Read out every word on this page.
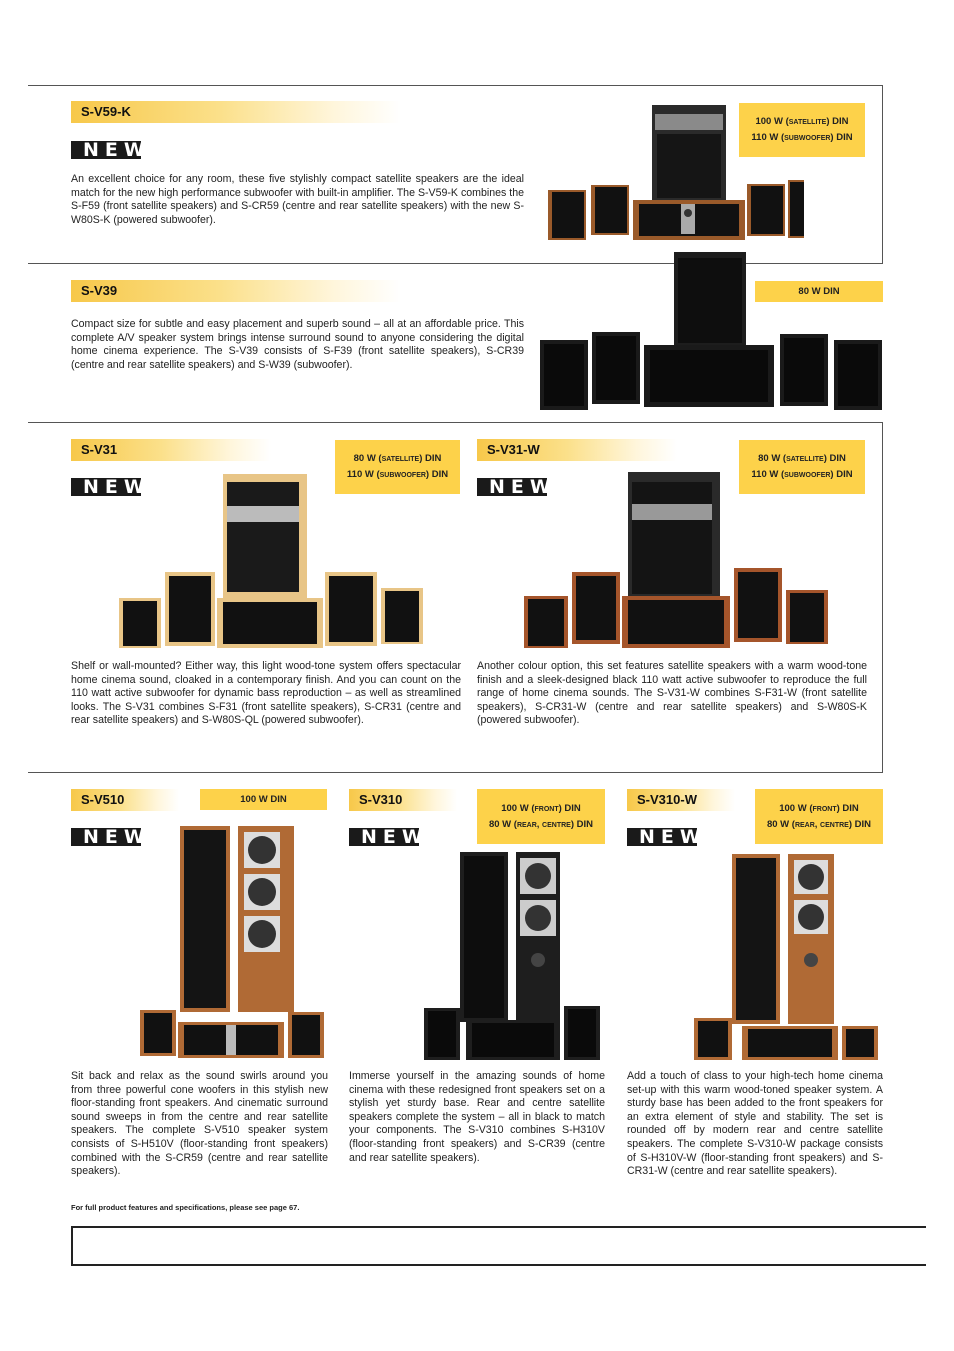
S-V59-K
NEW
An excellent choice for any room, these five stylishly compact satellite speakers are the ideal match for the new high performance subwoofer with built-in amplifier. The S-V59-K combines the S-F59 (front satellite speakers) and S-CR59 (centre and rear satellite speakers) with the new S-W80S-K (powered subwoofer).
100 W (satellite) DIN
110 W (subwoofer) DIN
S-V39
Compact size for subtle and easy placement and superb sound – all at an affordable price. This complete A/V speaker system brings intense surround sound to anyone considering the digital home cinema experience. The S-V39 consists of S-F39 (front satellite speakers), S-CR39 (centre and rear satellite speakers) and S-W39 (subwoofer).
80 W DIN
S-V31
NEW
80 W (satellite) DIN
110 W (subwoofer) DIN
Shelf or wall-mounted? Either way, this light wood-tone system offers spectacular home cinema sound, cloaked in a contemporary finish. And you can count on the 110 watt active subwoofer for dynamic bass reproduction – as well as streamlined looks. The S-V31 combines S-F31 (front satellite speakers), S-CR31 (centre and rear satellite speakers) and S-W80S-QL (powered subwoofer).
S-V31-W
NEW
80 W (satellite) DIN
110 W (subwoofer) DIN
Another colour option, this set features satellite speakers with a warm wood-tone finish and a sleek-designed black 110 watt active subwoofer to reproduce the full range of home cinema sounds. The S-V31-W combines S-F31-W (front satellite speakers), S-CR31-W (centre and rear satellite speakers) and S-W80S-K (powered subwoofer).
S-V510	100 W DIN
NEW
Sit back and relax as the sound swirls around you from three powerful cone woofers in this stylish new floor-standing front speakers. And cinematic surround sound sweeps in from the centre and rear satellite speakers. The complete S-V510 speaker system consists of S-H510V (floor-standing front speakers) combined with the S-CR59 (centre and rear satellite speakers).
S-V310
100 W (front) DIN
80 W (rear, centre) DIN
NEW
Immerse yourself in the amazing sounds of home cinema with these redesigned front speakers set on a stylish yet sturdy base. Rear and centre satellite speakers complete the system – all in black to match your components. The S-V310 combines S-H310V (floor-standing front speakers) and S-CR39 (centre and rear satellite speakers).
S-V310-W
100 W (front) DIN
80 W (rear, centre) DIN
NEW
Add a touch of class to your high-tech home cinema set-up with this warm wood-toned speaker system. A sturdy base has been added to the front speakers for an extra element of style and stability. The set is rounded off by modern rear and centre satellite speakers. The complete S-V310-W package consists of S-H310V-W (floor-standing front speakers) and S-CR31-W (centre and rear satellite speakers).
For full product features and specifications, please see page 67.
